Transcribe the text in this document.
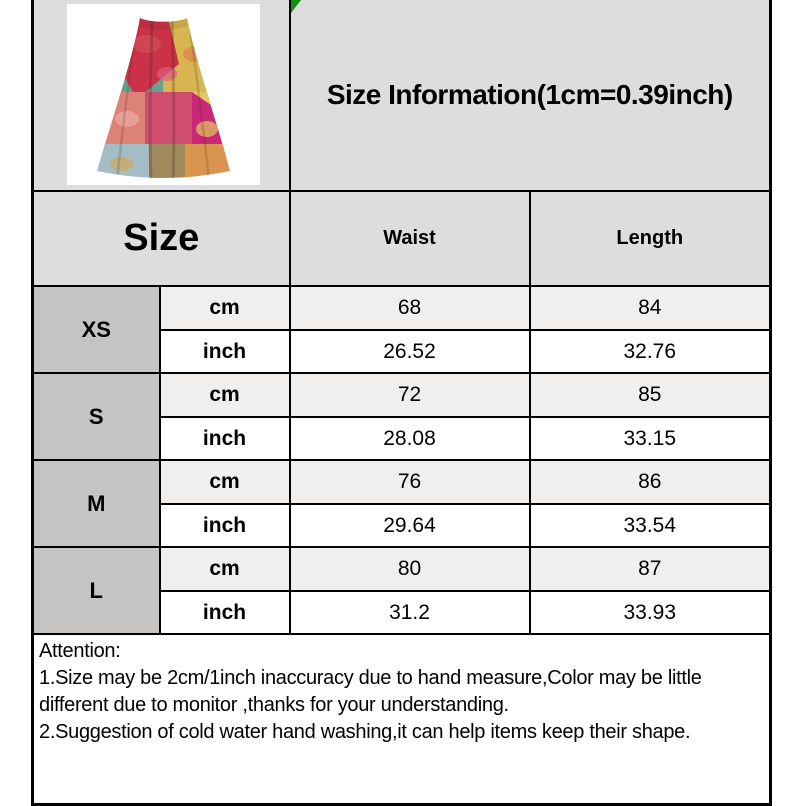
Size Information(1cm=0.39inch)	
Size		Waist	Length
XS	cm	68	84
	inch	26.52	32.76
S	cm	72	85
	inch	28.08	33.15
M	cm	76	86
	inch	29.64	33.54
L	cm	80	87
	inch	31.2	33.93

Attention:
1.Size may be 2cm/1inch inaccuracy due to hand measure,Color may be little
different due to monitor ,thanks for your understanding.
2.Suggestion of cold water hand washing,it can help items keep their shape.			
